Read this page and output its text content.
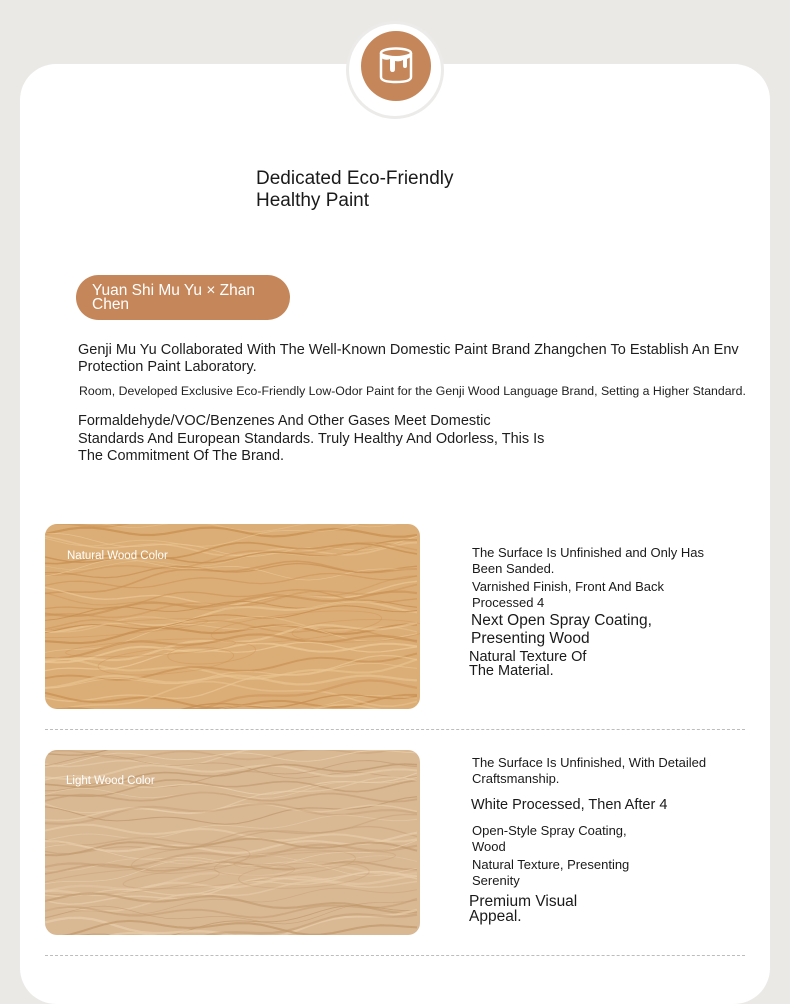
Dedicated Eco-Friendly
Healthy Paint
Yuan Shi Mu Yu × Zhan
Chen
Genji Mu Yu Collaborated With The Well-Known Domestic Paint Brand Zhangchen To Establish An Env
Protection Paint Laboratory.
Room, Developed Exclusive Eco-Friendly Low-Odor Paint for the Genji Wood Language Brand, Setting a Higher Standard.
Formaldehyde/VOC/Benzenes And Other Gases Meet Domestic
Standards And European Standards. Truly Healthy And Odorless, This Is
The Commitment Of The Brand.
Natural Wood Color	The Surface Is Unfinished and Only Has
Been Sanded.
Varnished Finish, Front And Back
Processed 4
Next Open Spray Coating,
Presenting Wood
Natural Texture Of
The Material.
Light Wood Color
The Surface Is Unfinished, With Detailed
Craftsmanship.
White Processed, Then After 4
Open-Style Spray Coating,
Wood
Natural Texture, Presenting
Serenity
Premium Visual
Appeal.
